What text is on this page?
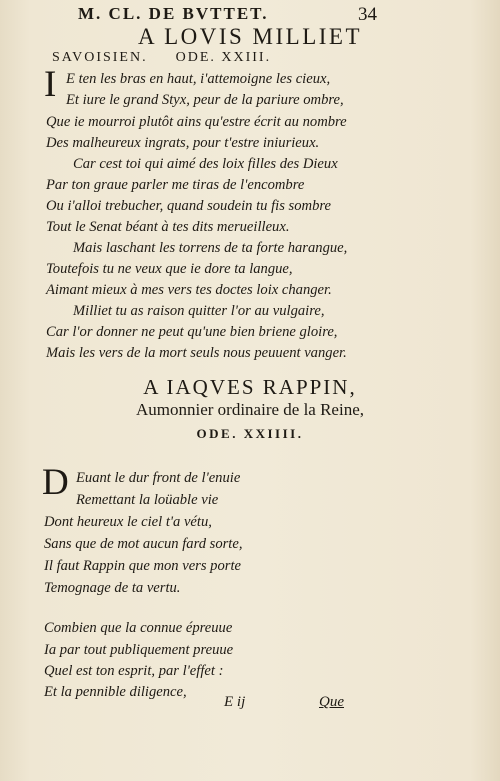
M. CL. DE BVTTET.	34
A LOVIS MILLIET
SAVOISIEN. ODE. XXIII.
I E ten les bras en haut, i'attemoigne les cieux,
Et iure le grand Styx, peur de la pariure ombre,
Que ie mourroi plutôt ains qu'estre écrit au nombre
Des malheureux ingrats, pour t'estre iniurieux.
Car cest toi qui aimé des loix filles des Dieux
Par ton graue parler me tiras de l'encombre
Ou i'alloi trebucher, quand soudein tu fis sombre
Tout le Senat béant à tes dits merueilleux.
Mais laschant les torrens de ta forte harangue,
Toutefois tu ne veux que ie dore ta langue,
Aimant mieux à mes vers tes doctes loix changer.
Milliet tu as raison quitter l'or au vulgaire,
Car l'or donner ne peut qu'une bien briene gloire,
Mais les vers de la mort seuls nous peuuent vanger.
A IAQVES RAPPIN,
Aumonnier ordinaire de la Reine,
ODE. XXIIII.
D Euant le dur front de l'enuie
Remettant la loüable vie
Dont heureux le ciel t'a vétu,
Sans que de mot aucun fard sorte,
Il faut Rappin que mon vers porte
Temognage de ta vertu.
Combien que la connue épreuue
Ia par tout publiquement preuue
Quel est ton esprit, par l'effet :
Et la pennible diligence,
E ij	Que
